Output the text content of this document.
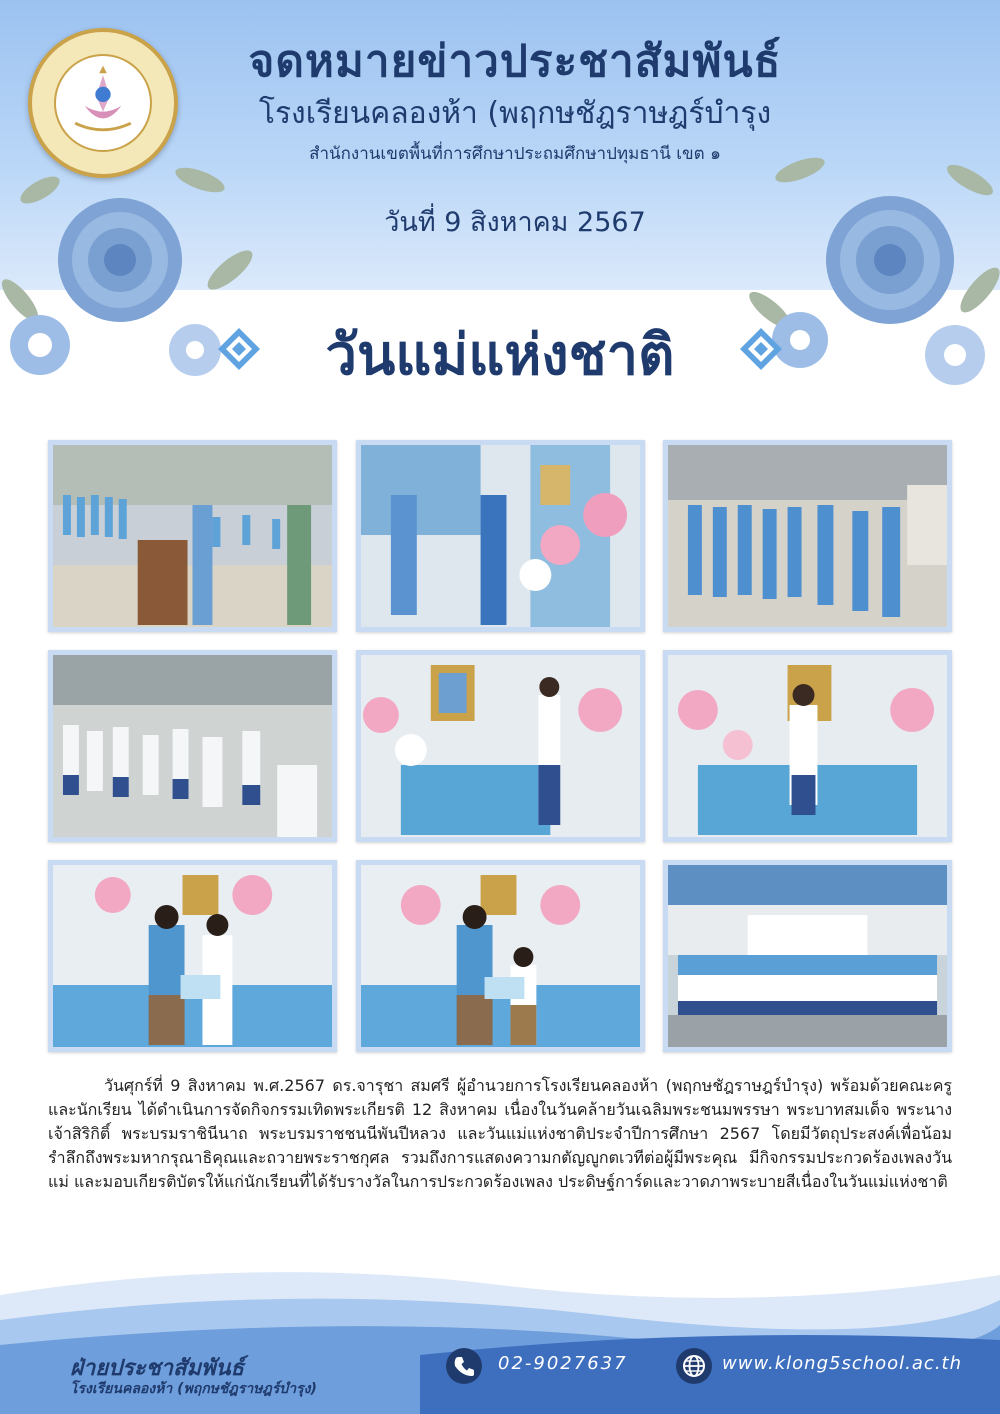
จดหมายข่าวประชาสัมพันธ์
โรงเรียนคลองห้า (พฤกษชัฎราษฎร์บำรุง
สำนักงานเขตพื้นที่การศึกษาประถมศึกษาปทุมธานี เขต ๑
วันที่ 9 สิงหาคม 2567
วันแม่แห่งชาติ
วันศุกร์ที่ 9 สิงหาคม พ.ศ.2567 ดร.จารุชา สมศรี ผู้อำนวยการโรงเรียนคลองห้า (พฤกษชัฎราษฎร์บำรุง) พร้อมด้วยคณะครูและนักเรียน ได้ดำเนินการจัดกิจกรรมเทิดพระเกียรติ 12 สิงหาคม เนื่องในวันคล้ายวันเฉลิมพระชนมพรรษา พระบาทสมเด็จ พระนางเจ้าสิริกิติ์ พระบรมราชินีนาถ พระบรมราชชนนีพันปีหลวง และวันแม่แห่งชาติประจำปีการศึกษา 2567 โดยมีวัตถุประสงค์เพื่อน้อมรำลึกถึงพระมหากรุณาธิคุณและถวายพระราชกุศล รวมถึงการแสดงความกตัญญูกตเวทีต่อผู้มีพระคุณ มีกิจกรรมประกวดร้องเพลงวันแม่ และมอบเกียรติบัตรให้แก่นักเรียนที่ได้รับรางวัลในการประกวดร้องเพลง ประดิษฐ์การ์ดและวาดภาพระบายสีเนื่องในวันแม่แห่งชาติ
ฝ่ายประชาสัมพันธ์
โรงเรียนคลองห้า (พฤกษชัฎราษฎร์บำรุง)
02-9027637	www.klong5school.ac.th
